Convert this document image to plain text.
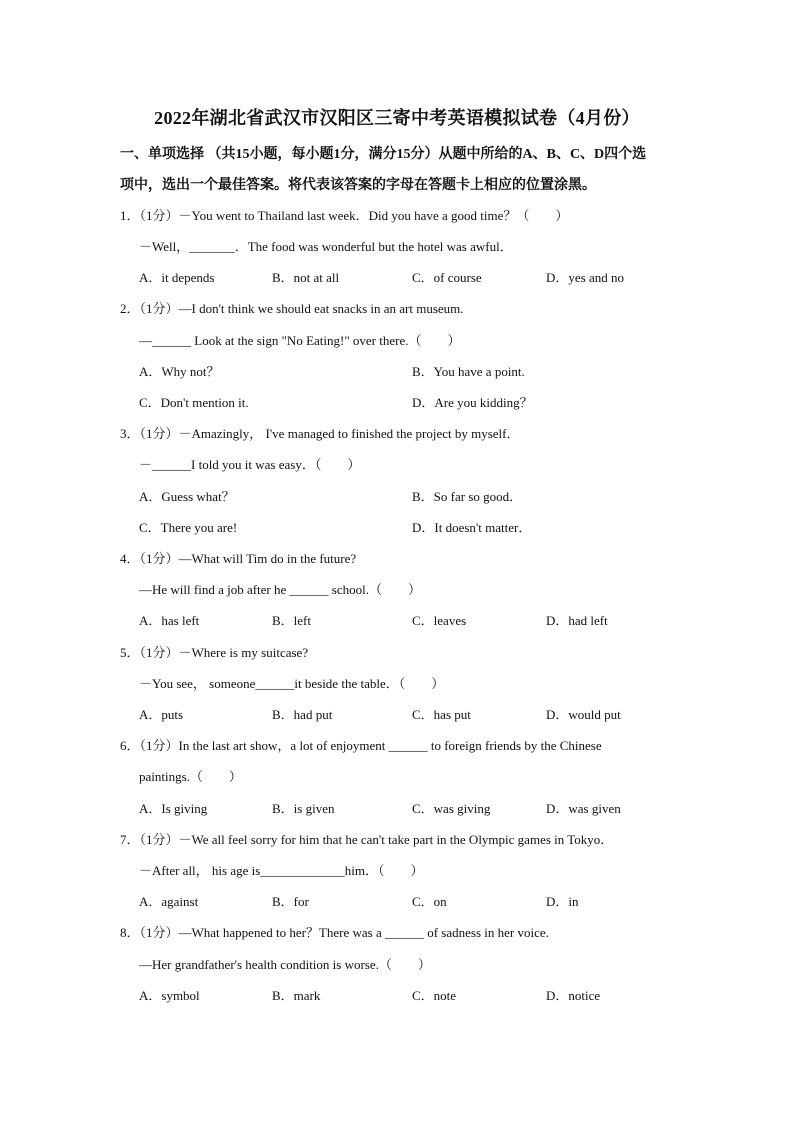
2022年湖北省武汉市汉阳区三寄中考英语模拟试卷（4月份）
一、单项选择 （共15小题，每小题1分，满分15分）从题中所给的A、B、C、D四个选
项中，选出一个最佳答案。将代表该答案的字母在答题卡上相应的位置涂黑。
1．（1分）－You went to Thailand last week．Did you have a good time？（　　）
－Well，_______．The food was wonderful but the hotel was awful．
A．it depends	B．not at all	C．of course	D．yes and no
2．（1分）—I don't think we should eat snacks in an art museum.
—______ Look at the sign "No Eating!" over there.（　　）
A．Why not？	B．You have a point.
C．Don't mention it.	D．Are you kidding？
3．（1分）－Amazingly， I've managed to finished the project by myself．
－______I told you it was easy．（　　）
A．Guess what？	B．So far so good．
C．There you are!	D．It doesn't matter．
4．（1分）—What will Tim do in the future?
—He will find a job after he ______ school.（　　）
A．has left	B．left	C．leaves	D．had left
5．（1分）－Where is my suitcase?
－You see， someone______it beside the table．（　　）
A．puts	B．had put	C．has put	D．would put
6．（1分）In the last art show，a lot of enjoyment ______ to foreign friends by the Chinese
paintings.（　　）
A．Is giving	B．is given	C．was giving	D．was given
7．（1分）－We all feel sorry for him that he can't take part in the Olympic games in Tokyo．
－After all， his age is_____________him．（　　）
A．against	B．for	C．on	D．in
8．（1分）—What happened to her？There was a ______ of sadness in her voice.
—Her grandfather's health condition is worse.（　　）
A．symbol	B．mark	C．note	D．notice
